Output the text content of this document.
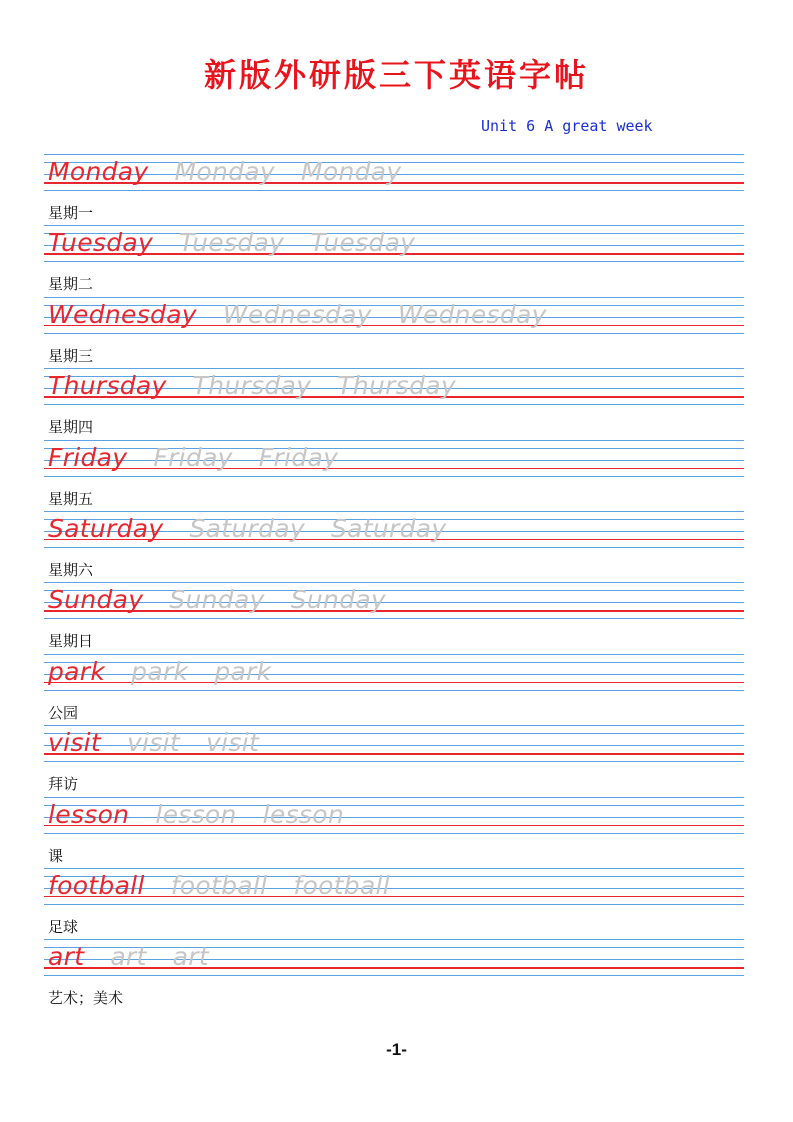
新版外研版三下英语字帖
Unit 6 A great week
Monday Monday Monday
星期一
Tuesday Tuesday Tuesday
星期二
Wednesday Wednesday Wednesday
星期三
Thursday Thursday Thursday
星期四
Friday Friday Friday
星期五
Saturday Saturday Saturday
星期六
Sunday Sunday Sunday
星期日
park park park
公园
visit visit visit
拜访
lesson lesson lesson
课
football football football
足球
art art art
艺术；美术
-1-
